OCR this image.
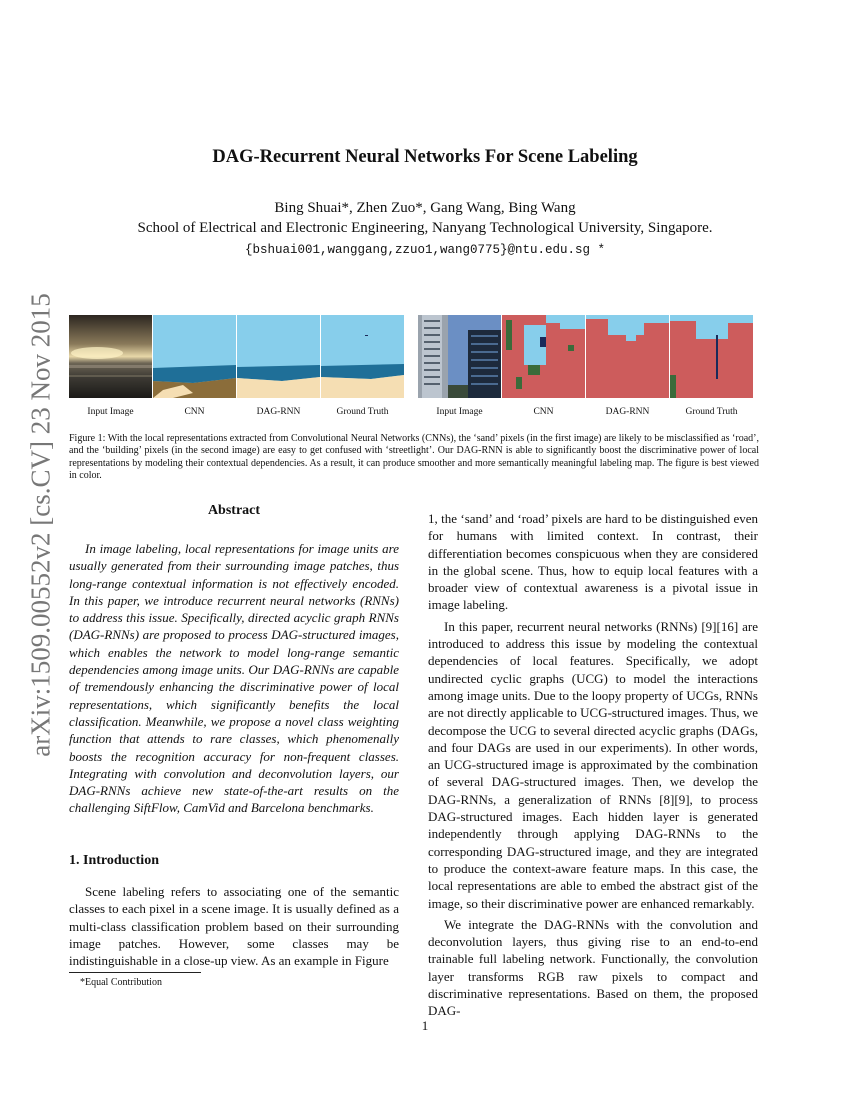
arXiv:1509.00552v2 [cs.CV] 23 Nov 2015
DAG-Recurrent Neural Networks For Scene Labeling
Bing Shuai*, Zhen Zuo*, Gang Wang, Bing Wang
School of Electrical and Electronic Engineering, Nanyang Technological University, Singapore.
{bshuai001,wanggang,zzuo1,wang0775}@ntu.edu.sg *
Input Image	CNN	DAG-RNN	Ground Truth	Input Image	CNN	DAG-RNN	Ground Truth
Figure 1: With the local representations extracted from Convolutional Neural Networks (CNNs), the ‘sand’ pixels (in the first image) are likely to be misclassified as ‘road’, and the ‘building’ pixels (in the second image) are easy to get confused with ‘streetlight’. Our DAG-RNN is able to significantly boost the discriminative power of local representations by modeling their contextual dependencies. As a result, it can produce smoother and more semantically meaningful labeling map. The figure is best viewed in color.
Abstract

In image labeling, local representations for image units are usually generated from their surrounding image patches, thus long-range contextual information is not effectively encoded. In this paper, we introduce recurrent neural networks (RNNs) to address this issue. Specifically, directed acyclic graph RNNs (DAG-RNNs) are proposed to process DAG-structured images, which enables the network to model long-range semantic dependencies among image units. Our DAG-RNNs are capable of tremendously enhancing the discriminative power of local representations, which significantly benefits the local classification. Meanwhile, we propose a novel class weighting function that attends to rare classes, which phenomenally boosts the recognition accuracy for non-frequent classes. Integrating with convolution and deconvolution layers, our DAG-RNNs achieve new state-of-the-art results on the challenging SiftFlow, CamVid and Barcelona benchmarks.

1. Introduction

Scene labeling refers to associating one of the semantic classes to each pixel in a scene image. It is usually defined as a multi-class classification problem based on their surrounding image patches. However, some classes may be indistinguishable in a close-up view. As an example in Figure

*Equal Contribution

1, the ‘sand’ and ‘road’ pixels are hard to be distinguished even for humans with limited context. In contrast, their differentiation becomes conspicuous when they are considered in the global scene. Thus, how to equip local features with a broader view of contextual awareness is a pivotal issue in image labeling.

In this paper, recurrent neural networks (RNNs) [9][16] are introduced to address this issue by modeling the contextual dependencies of local features. Specifically, we adopt undirected cyclic graphs (UCG) to model the interactions among image units. Due to the loopy property of UCGs, RNNs are not directly applicable to UCG-structured images. Thus, we decompose the UCG to several directed acyclic graphs (DAGs, and four DAGs are used in our experiments). In other words, an UCG-structured image is approximated by the combination of several DAG-structured images. Then, we develop the DAG-RNNs, a generalization of RNNs [8][9], to process DAG-structured images. Each hidden layer is generated independently through applying DAG-RNNs to the corresponding DAG-structured image, and they are integrated to produce the context-aware feature maps. In this case, the local representations are able to embed the abstract gist of the image, so their discriminative power are enhanced remarkably.

We integrate the DAG-RNNs with the convolution and deconvolution layers, thus giving rise to an end-to-end trainable full labeling network. Functionally, the convolution layer transforms RGB raw pixels to compact and discriminative representations. Based on them, the proposed DAG-

1
